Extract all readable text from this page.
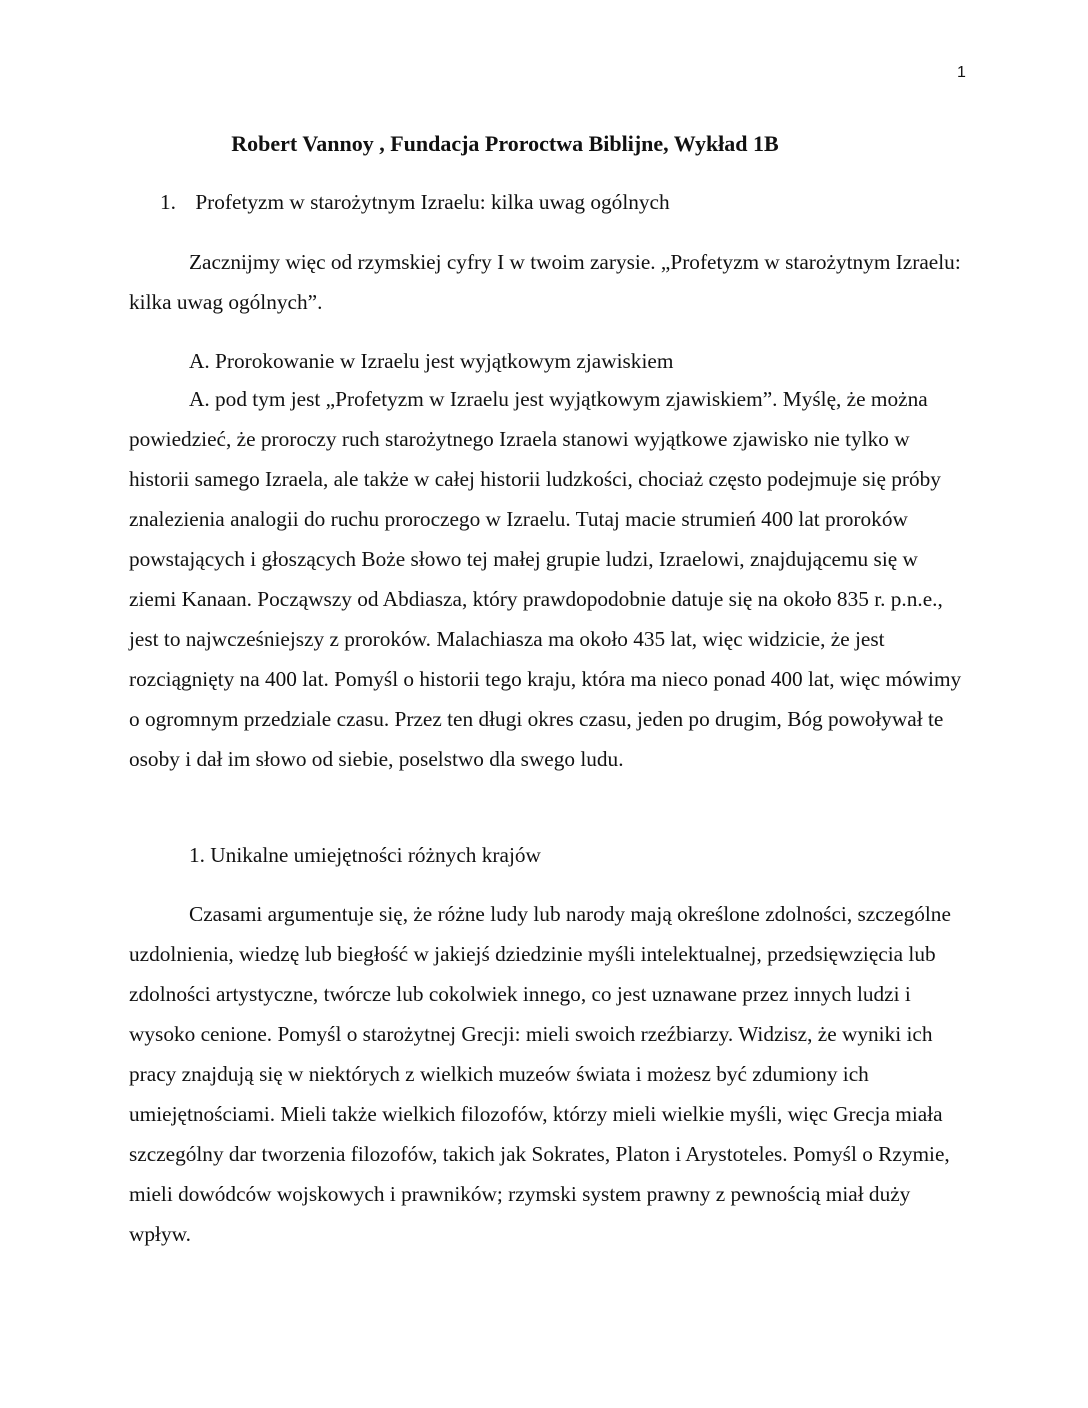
1
Robert Vannoy , Fundacja Proroctwa Biblijne, Wykład 1B

1. Profetyzm w starożytnym Izraelu: kilka uwag ogólnych

Zacznijmy więc od rzymskiej cyfry I w twoim zarysie. „Profetyzm w starożytnym Izraelu: kilka uwag ogólnych”.

A. Prorokowanie w Izraelu jest wyjątkowym zjawiskiem

A. pod tym jest „Profetyzm w Izraelu jest wyjątkowym zjawiskiem”. Myślę, że można powiedzieć, że proroczy ruch starożytnego Izraela stanowi wyjątkowe zjawisko nie tylko w historii samego Izraela, ale także w całej historii ludzkości, chociaż często podejmuje się próby znalezienia analogii do ruchu proroczego w Izraelu. Tutaj macie strumień 400 lat proroków powstających i głoszących Boże słowo tej małej grupie ludzi, Izraelowi, znajdującemu się w ziemi Kanaan. Począwszy od Abdiasza, który prawdopodobnie datuje się na około 835 r. p.n.e., jest to najwcześniejszy z proroków. Malachiasza ma około 435 lat, więc widzicie, że jest rozciągnięty na 400 lat. Pomyśl o historii tego kraju, która ma nieco ponad 400 lat, więc mówimy o ogromnym przedziale czasu. Przez ten długi okres czasu, jeden po drugim, Bóg powoływał te osoby i dał im słowo od siebie, poselstwo dla swego ludu.

1. Unikalne umiejętności różnych krajów

Czasami argumentuje się, że różne ludy lub narody mają określone zdolności, szczególne uzdolnienia, wiedzę lub biegłość w jakiejś dziedzinie myśli intelektualnej, przedsięwzięcia lub zdolności artystyczne, twórcze lub cokolwiek innego, co jest uznawane przez innych ludzi i wysoko cenione. Pomyśl o starożytnej Grecji: mieli swoich rzeźbiarzy. Widzisz, że wyniki ich pracy znajdują się w niektórych z wielkich muzeów świata i możesz być zdumiony ich umiejętnościami. Mieli także wielkich filozofów, którzy mieli wielkie myśli, więc Grecja miała szczególny dar tworzenia filozofów, takich jak Sokrates, Platon i Arystoteles. Pomyśl o Rzymie, mieli dowódców wojskowych i prawników; rzymski system prawny z pewnością miał duży wpływ.
